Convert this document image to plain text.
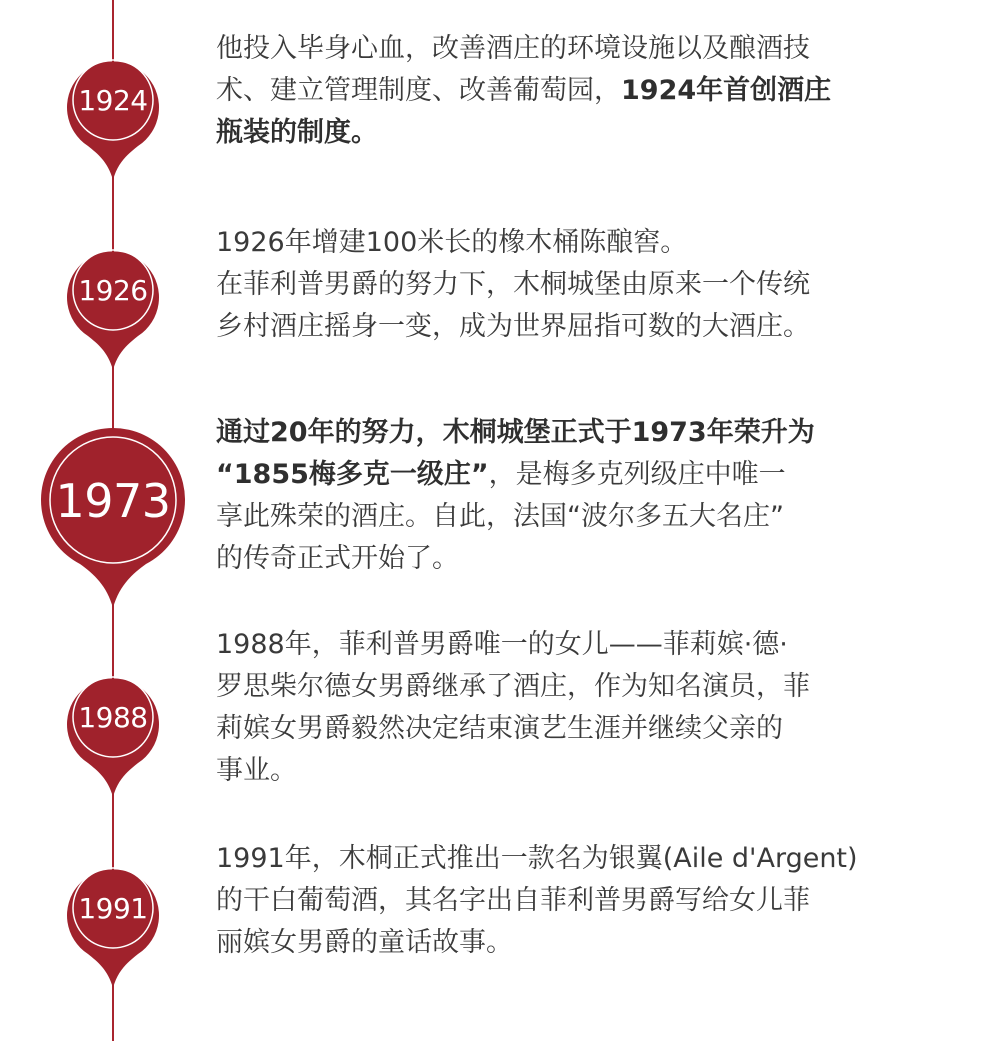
1924
1926
1973
1988
1991
他投入毕身心血，改善酒庄的环境设施以及酿酒技
术、建立管理制度、改善葡萄园，1924年首创酒庄
瓶装的制度。
1926年增建100米长的橡木桶陈酿窖。
在菲利普男爵的努力下，木桐城堡由原来一个传统
乡村酒庄摇身一变，成为世界屈指可数的大酒庄。
通过20年的努力，木桐城堡正式于1973年荣升为
“1855梅多克一级庄”，是梅多克列级庄中唯一
享此殊荣的酒庄。自此，法国“波尔多五大名庄”
的传奇正式开始了。
1988年，菲利普男爵唯一的女儿——菲莉嫔·德·
罗思柴尔德女男爵继承了酒庄，作为知名演员，菲
莉嫔女男爵毅然决定结束演艺生涯并继续父亲的
事业。
1991年，木桐正式推出一款名为银翼(Aile d'Argent)
的干白葡萄酒，其名字出自菲利普男爵写给女儿菲
丽嫔女男爵的童话故事。
